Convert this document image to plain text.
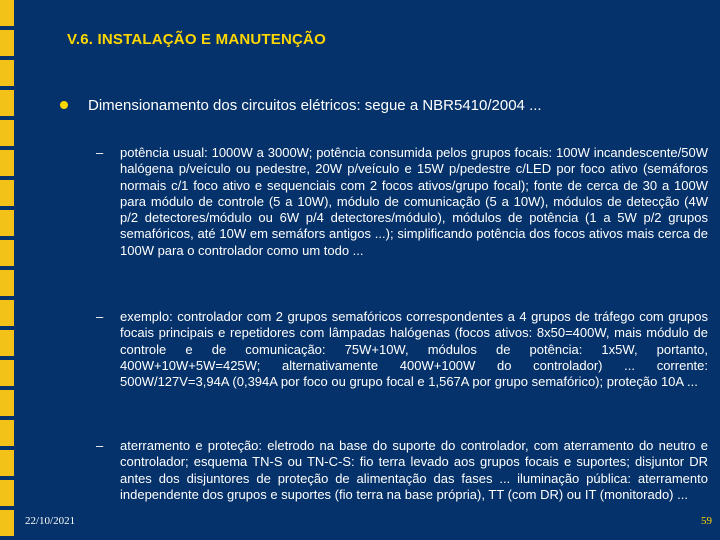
V.6. INSTALAÇÃO E MANUTENÇÃO
Dimensionamento dos circuitos elétricos: segue a NBR5410/2004 ...
– potência usual: 1000W a 3000W; potência consumida pelos grupos focais: 100W incandescente/50W halógena p/veículo ou pedestre, 20W p/veículo e 15W p/pedestre c/LED por foco ativo (semáforos normais c/1 foco ativo e sequenciais com 2 focos ativos/grupo focal); fonte de cerca de 30 a 100W para módulo de controle (5 a 10W), módulo de comunicação (5 a 10W), módulos de detecção (4W p/2 detectores/módulo ou 6W p/4 detectores/módulo), módulos de potência (1 a 5W p/2 grupos semafóricos, até 10W em semáfors antigos ...); simplificando potência dos focos ativos mais cerca de 100W para o controlador como um todo ...
– exemplo: controlador com 2 grupos semafóricos correspondentes a 4 grupos de tráfego com grupos focais principais e repetidores com lâmpadas halógenas (focos ativos: 8x50=400W, mais módulo de controle e de comunicação: 75W+10W, módulos de potência: 1x5W, portanto, 400W+10W+5W=425W; alternativamente 400W+100W do controlador) ... corrente: 500W/127V=3,94A (0,394A por foco ou grupo focal e 1,567A por grupo semafórico); proteção 10A ...
– aterramento e proteção: eletrodo na base do suporte do controlador, com aterramento do neutro e controlador; esquema TN-S ou TN-C-S: fio terra levado aos grupos focais e suportes; disjuntor DR antes dos disjuntores de proteção de alimentação das fases ... iluminação pública: aterramento independente dos grupos e suportes (fio terra na base própria), TT (com DR) ou IT (monitorado) ...
22/10/2021	59
